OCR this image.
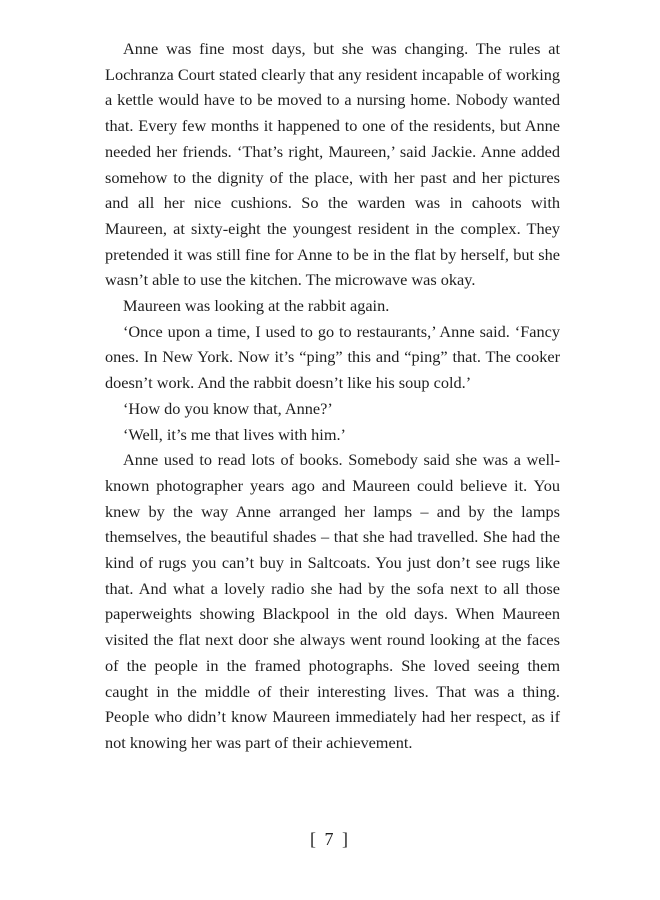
Anne was fine most days, but she was changing. The rules at Lochranza Court stated clearly that any resident incapable of working a kettle would have to be moved to a nursing home. Nobody wanted that. Every few months it happened to one of the residents, but Anne needed her friends. ‘That’s right, Maureen,’ said Jackie. Anne added somehow to the dignity of the place, with her past and her pictures and all her nice cushions. So the warden was in cahoots with Maureen, at sixty-eight the youngest resident in the complex. They pretended it was still fine for Anne to be in the flat by herself, but she wasn’t able to use the kitchen. The microwave was okay.

Maureen was looking at the rabbit again.

‘Once upon a time, I used to go to restaurants,’ Anne said. ‘Fancy ones. In New York. Now it’s “ping” this and “ping” that. The cooker doesn’t work. And the rabbit doesn’t like his soup cold.’

‘How do you know that, Anne?’

‘Well, it’s me that lives with him.’

Anne used to read lots of books. Somebody said she was a well-known photographer years ago and Maureen could believe it. You knew by the way Anne arranged her lamps – and by the lamps themselves, the beautiful shades – that she had travelled. She had the kind of rugs you can’t buy in Saltcoats. You just don’t see rugs like that. And what a lovely radio she had by the sofa next to all those paperweights showing Blackpool in the old days. When Maureen visited the flat next door she always went round looking at the faces of the people in the framed photographs. She loved seeing them caught in the middle of their interesting lives. That was a thing. People who didn’t know Maureen immediately had her respect, as if not knowing her was part of their achievement.

[ 7 ]
